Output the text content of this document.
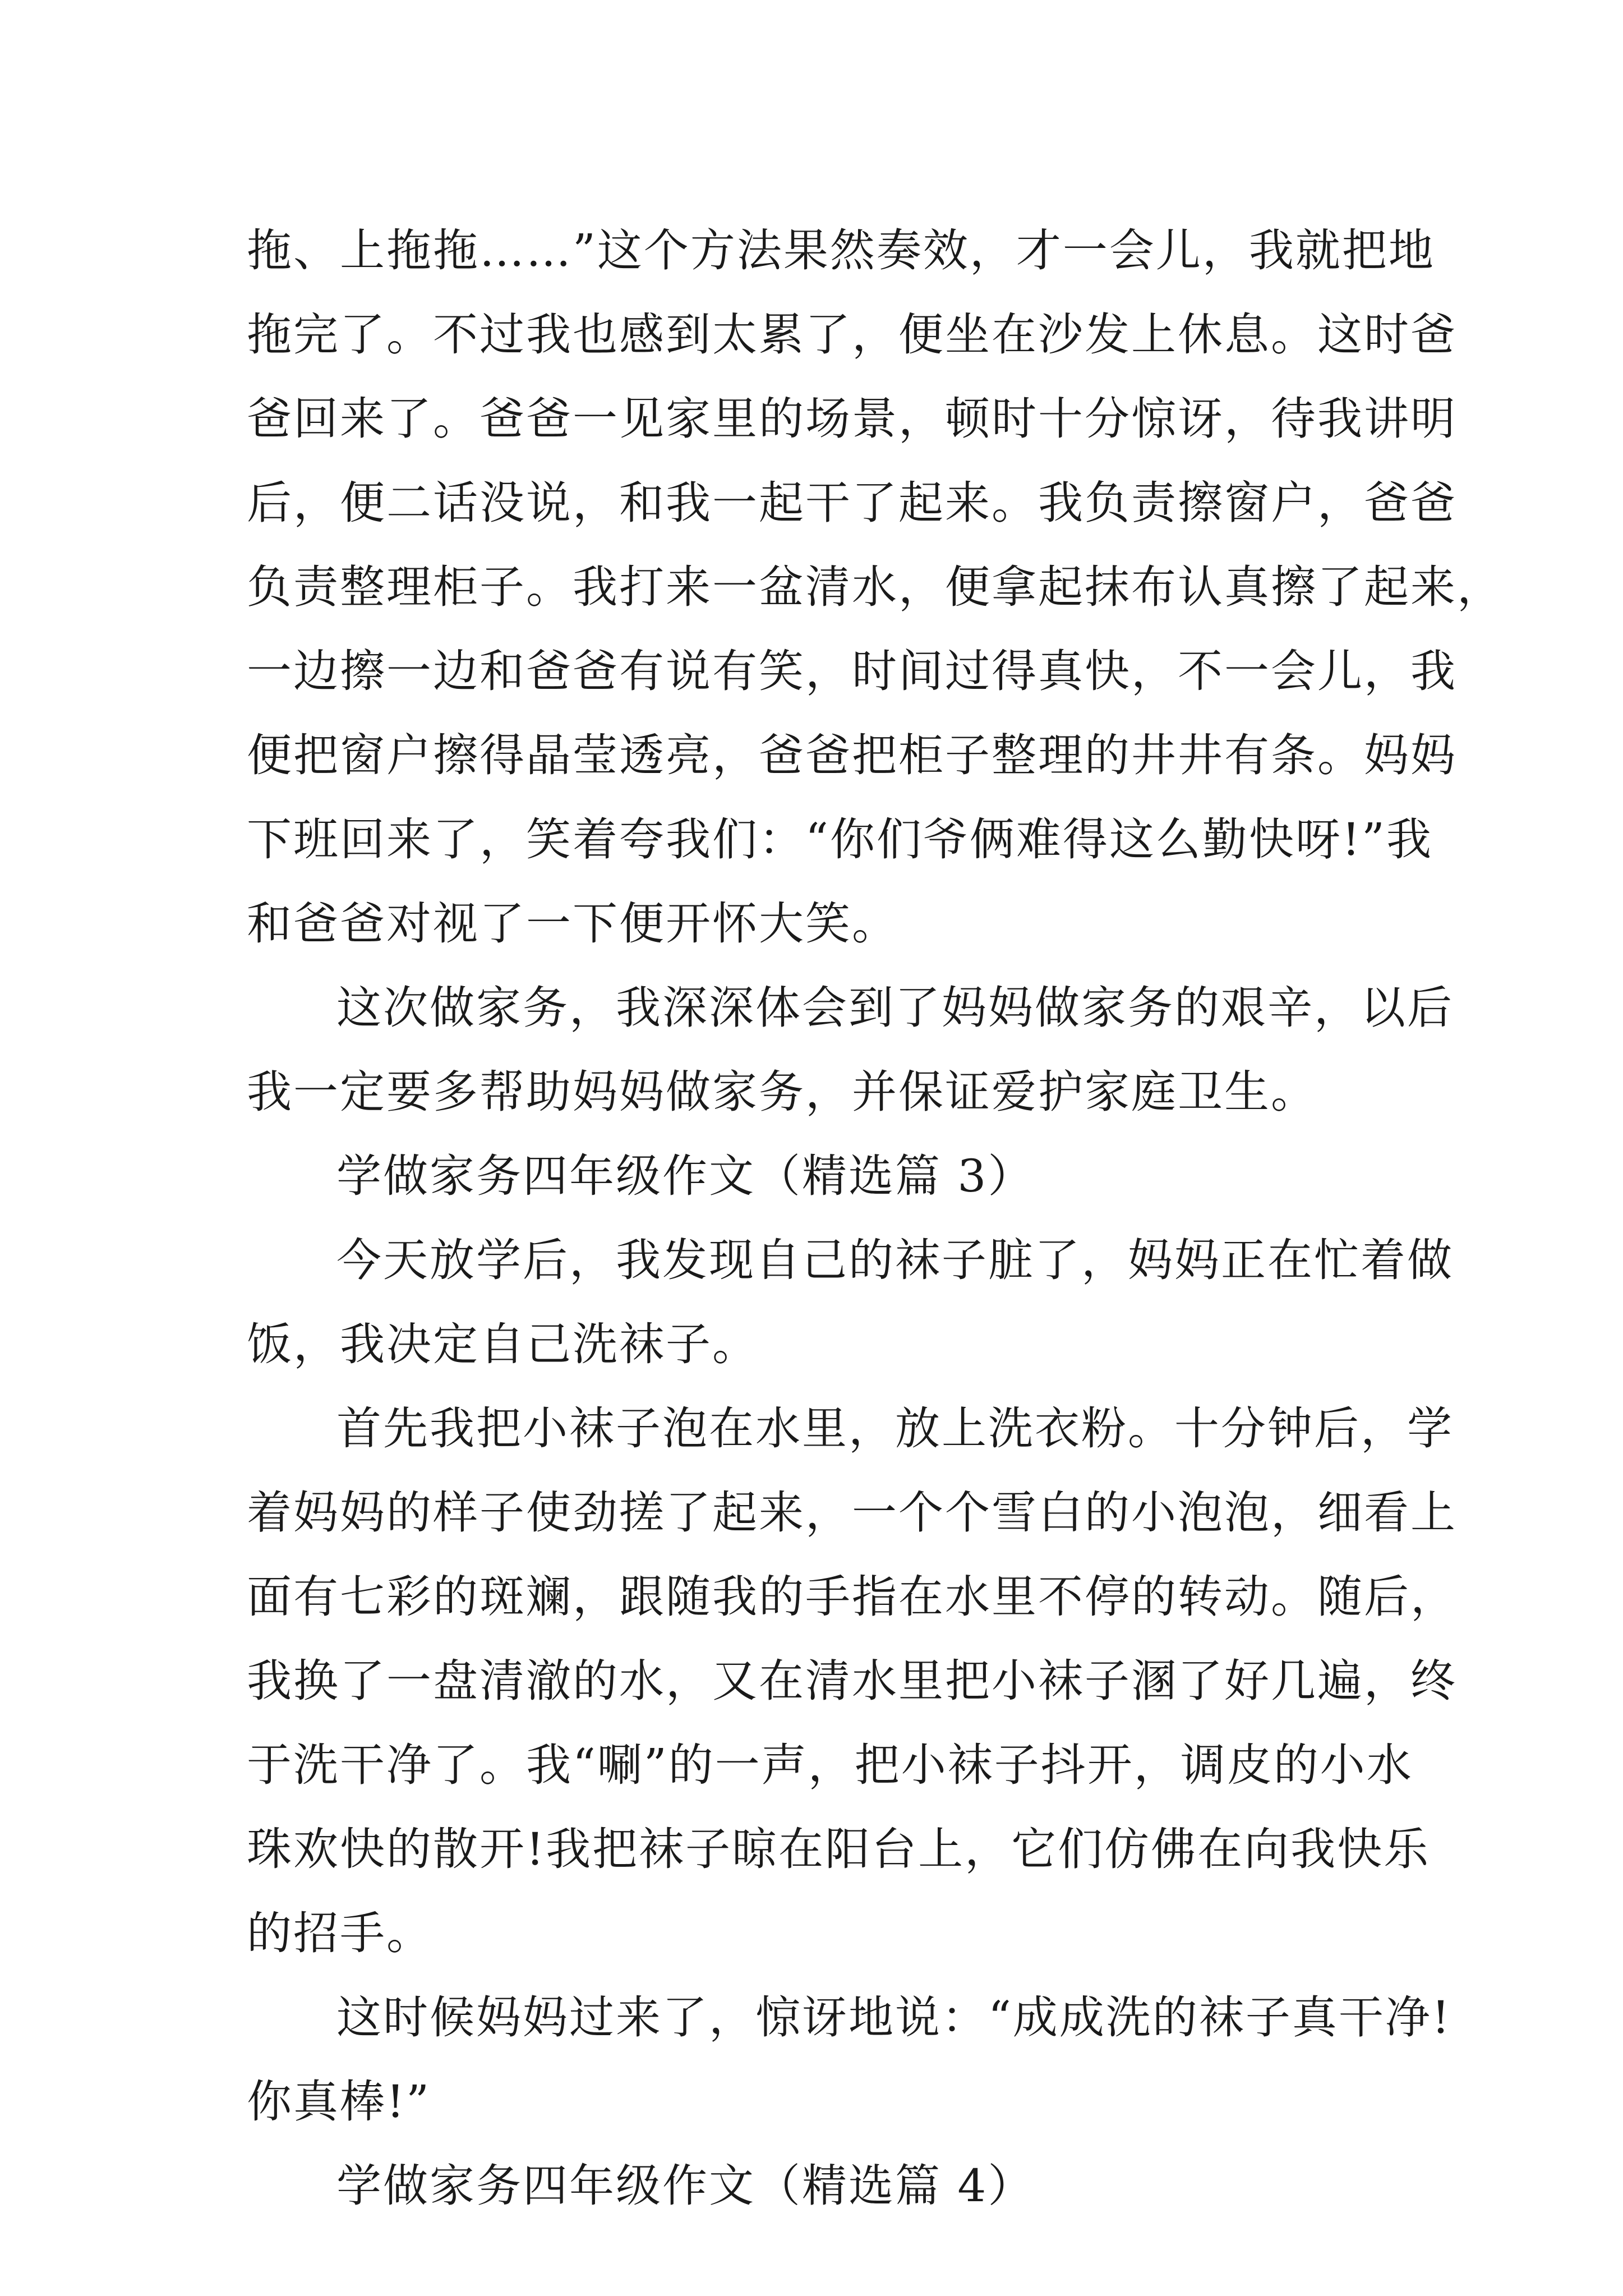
拖、上拖拖……”这个方法果然奏效，才一会儿，我就把地
拖完了。不过我也感到太累了，便坐在沙发上休息。这时爸
爸回来了。爸爸一见家里的场景，顿时十分惊讶，待我讲明
后，便二话没说，和我一起干了起来。我负责擦窗户，爸爸
负责整理柜子。我打来一盆清水，便拿起抹布认真擦了起来，
一边擦一边和爸爸有说有笑，时间过得真快，不一会儿，我
便把窗户擦得晶莹透亮，爸爸把柜子整理的井井有条。妈妈
下班回来了，笑着夸我们：“你们爷俩难得这么勤快呀!”我
和爸爸对视了一下便开怀大笑。
这次做家务，我深深体会到了妈妈做家务的艰辛，以后
我一定要多帮助妈妈做家务，并保证爱护家庭卫生。
学做家务四年级作文（精选篇 3）
今天放学后，我发现自己的袜子脏了，妈妈正在忙着做
饭，我决定自己洗袜子。
首先我把小袜子泡在水里，放上洗衣粉。十分钟后，学
着妈妈的样子使劲搓了起来，一个个雪白的小泡泡，细看上
面有七彩的斑斓，跟随我的手指在水里不停的转动。随后，
我换了一盘清澈的水，又在清水里把小袜子溷了好几遍，终
于洗干净了。我“唰”的一声，把小袜子抖开，调皮的小水
珠欢快的散开!我把袜子晾在阳台上，它们仿佛在向我快乐
的招手。
这时候妈妈过来了，惊讶地说：“成成洗的袜子真干净!
你真棒!”
学做家务四年级作文（精选篇 4）
